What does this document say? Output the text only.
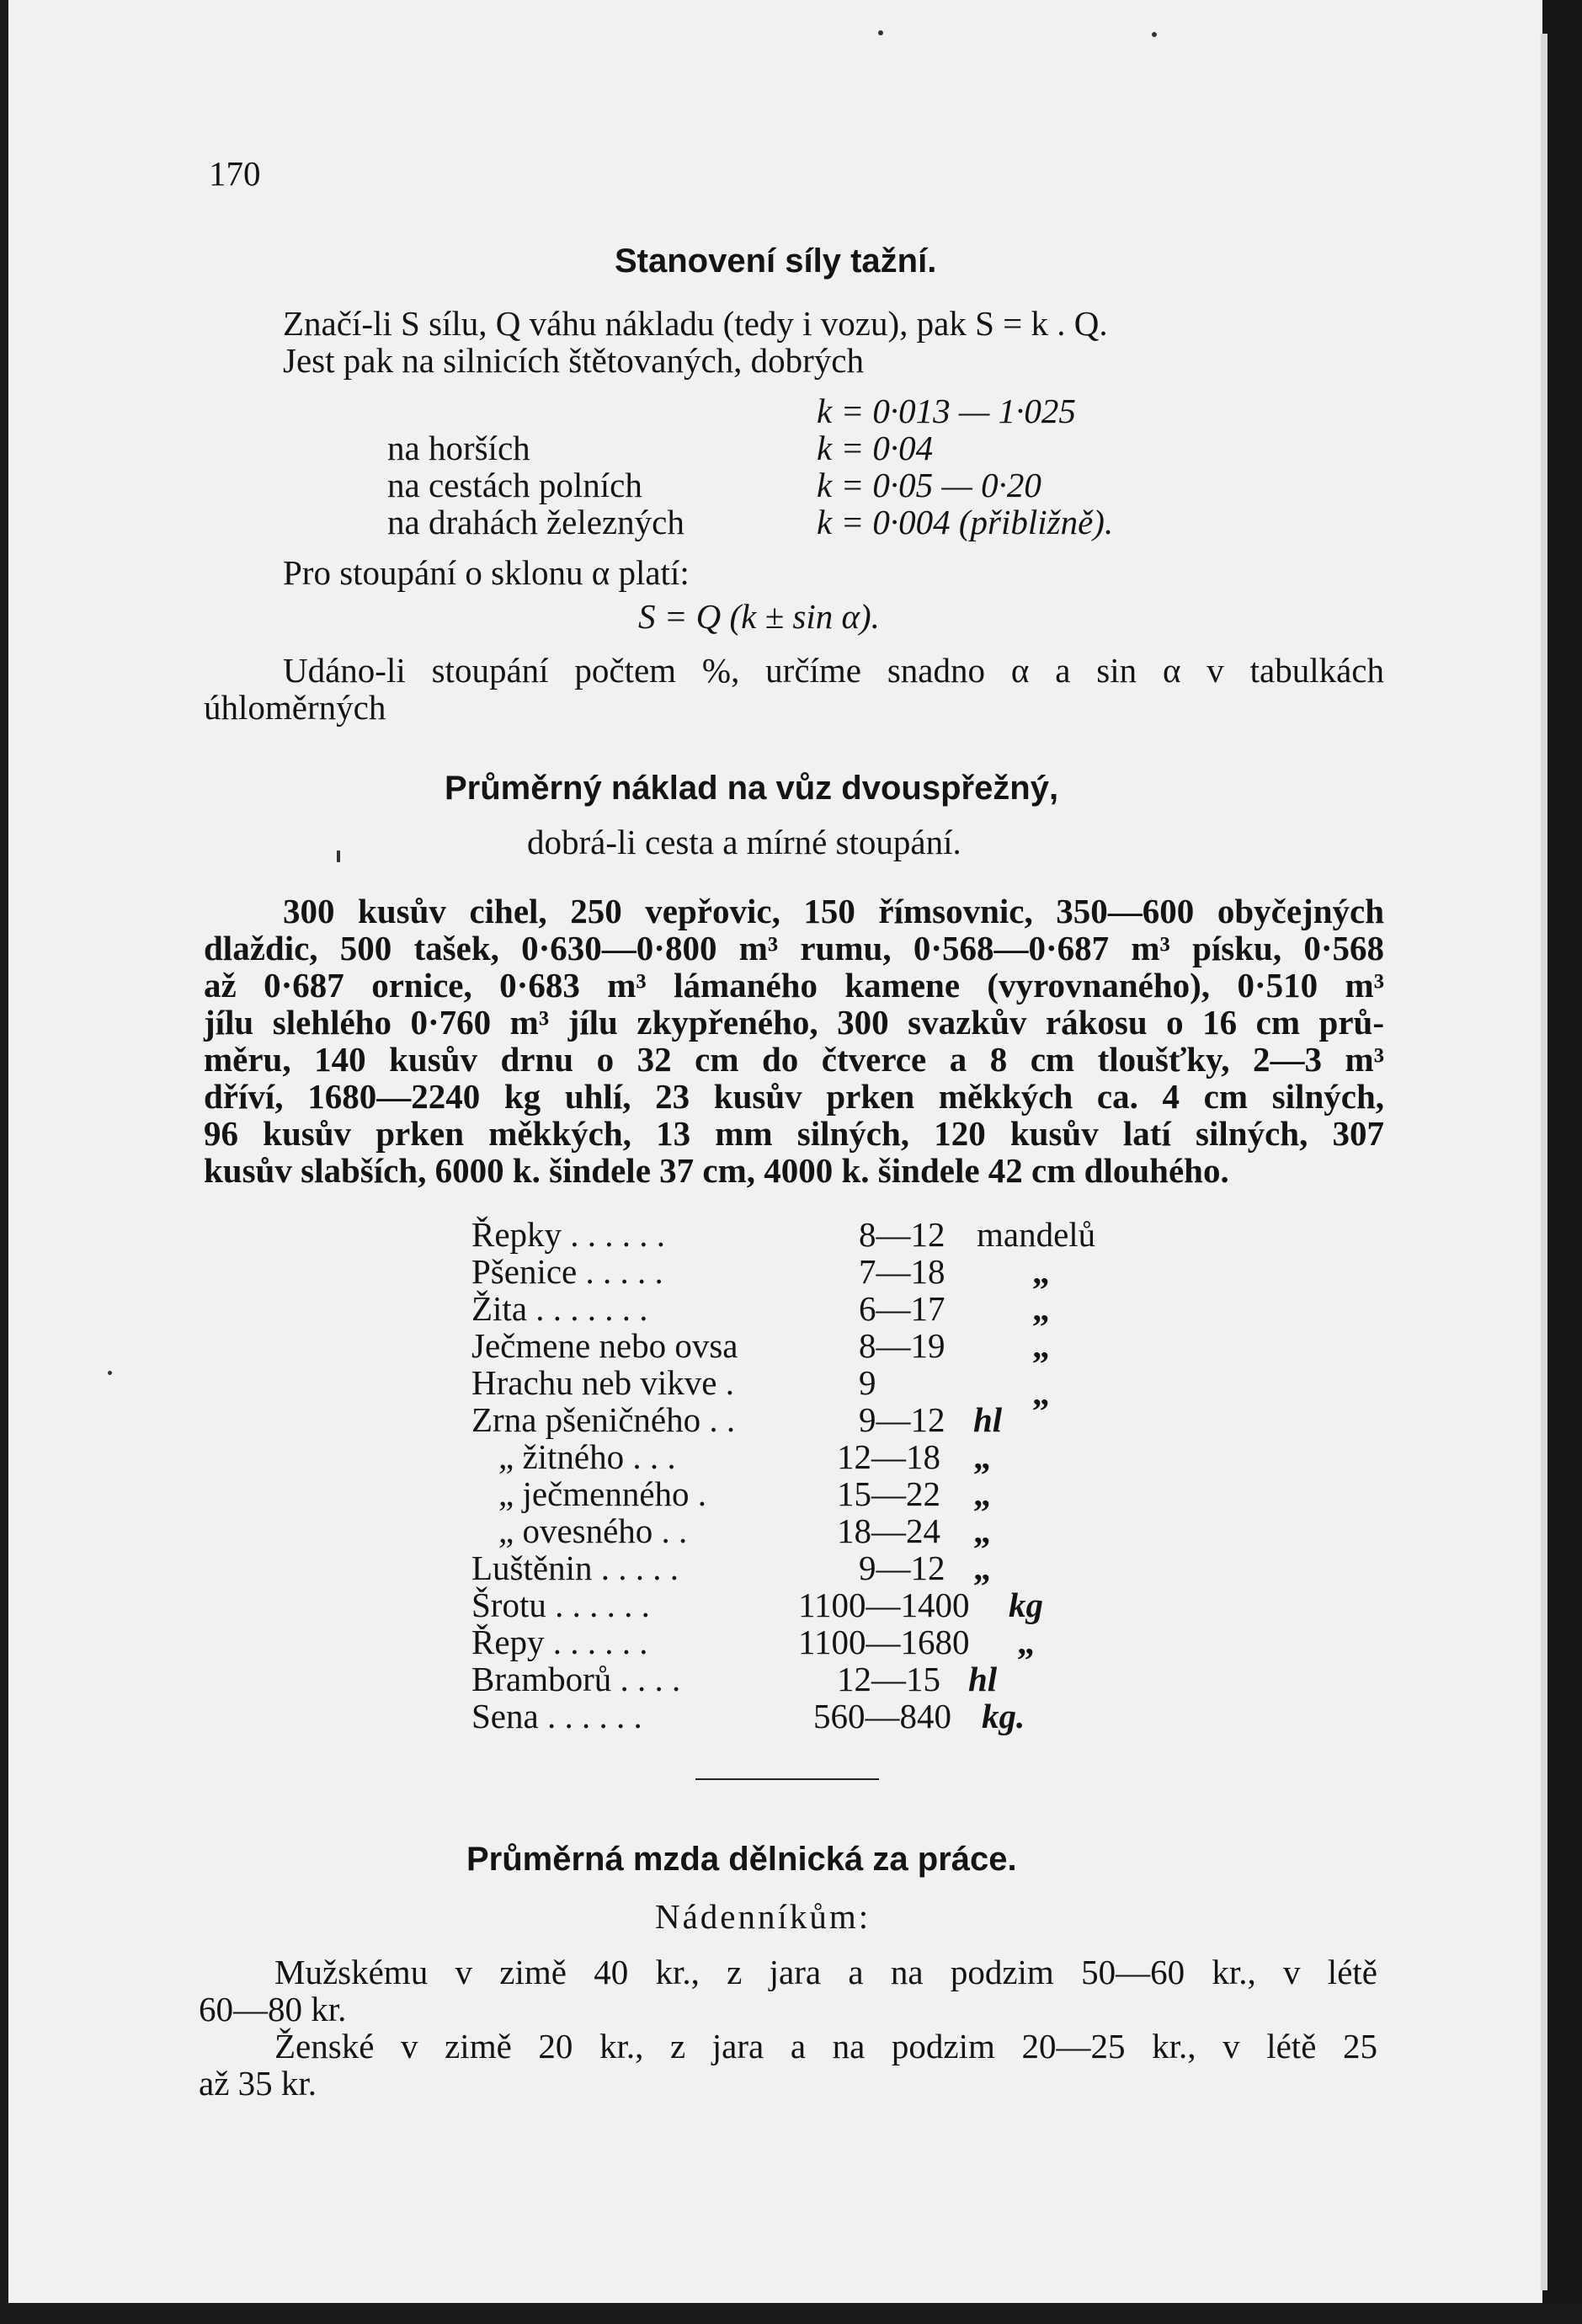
170
Stanovení síly tažní.
Značí-li S sílu, Q váhu nákladu (tedy i vozu), pak S = k . Q.
Jest pak na silnicích štětovaných, dobrých
k = 0·013 — 1·025
na horších	k = 0·04
na cestách polních	k = 0·05 — 0·20
na drahách železných	k = 0·004 (přibližně).
Pro stoupání o sklonu α platí:
S = Q (k ± sin α).
Udáno-li stoupání počtem %, určíme snadno α a sin α v tabulkách
úhloměrných
Průměrný náklad na vůz dvouspřežný,
dobrá-li cesta a mírné stoupání.
300 kusův cihel, 250 vepřovic, 150 římsovnic, 350—600 obyčejných
dlaždic, 500 tašek, 0·630—0·800 m³ rumu, 0·568—0·687 m³ písku, 0·568
až 0·687 ornice, 0·683 m³ lámaného kamene (vyrovnaného), 0·510 m³
jílu slehlého 0·760 m³ jílu zkypřeného, 300 svazkův rákosu o 16 cm prů-
měru, 140 kusův drnu o 32 cm do čtverce a 8 cm tloušťky, 2—3 m³
dříví, 1680—2240 kg uhlí, 23 kusův prken měkkých ca. 4 cm silných,
96 kusův prken měkkých, 13 mm silných, 120 kusův latí silných, 307
kusův slabších, 6000 k. šindele 37 cm, 4000 k. šindele 42 cm dlouhého.
Řepky . . . . . .	8—12 mandelů
Pšenice . . . . .	7—18	„
Žita . . . . . . .	6—17	„
Ječmene nebo ovsa	8—19	„
Hrachu neb vikve .	9	„
Zrna pšeničného . .	9—12 hl
„ žitného . . .	12—18 „
„ ječmenného .	15—22 „
„ ovesného . .	18—24 „
Luštěnin . . . . .	9—12 „
Šrotu . . . . . .	1100—1400 kg
Řepy . . . . . .	1100—1680 „
Bramborů . . . .	12—15 hl
Sena . . . . . .	560—840 kg.
Průměrná mzda dělnická za práce.
Nádenníkům:
Mužskému v zimě 40 kr., z jara a na podzim 50—60 kr., v létě
60—80 kr.
Ženské v zimě 20 kr., z jara a na podzim 20—25 kr., v létě 25
až 35 kr.
